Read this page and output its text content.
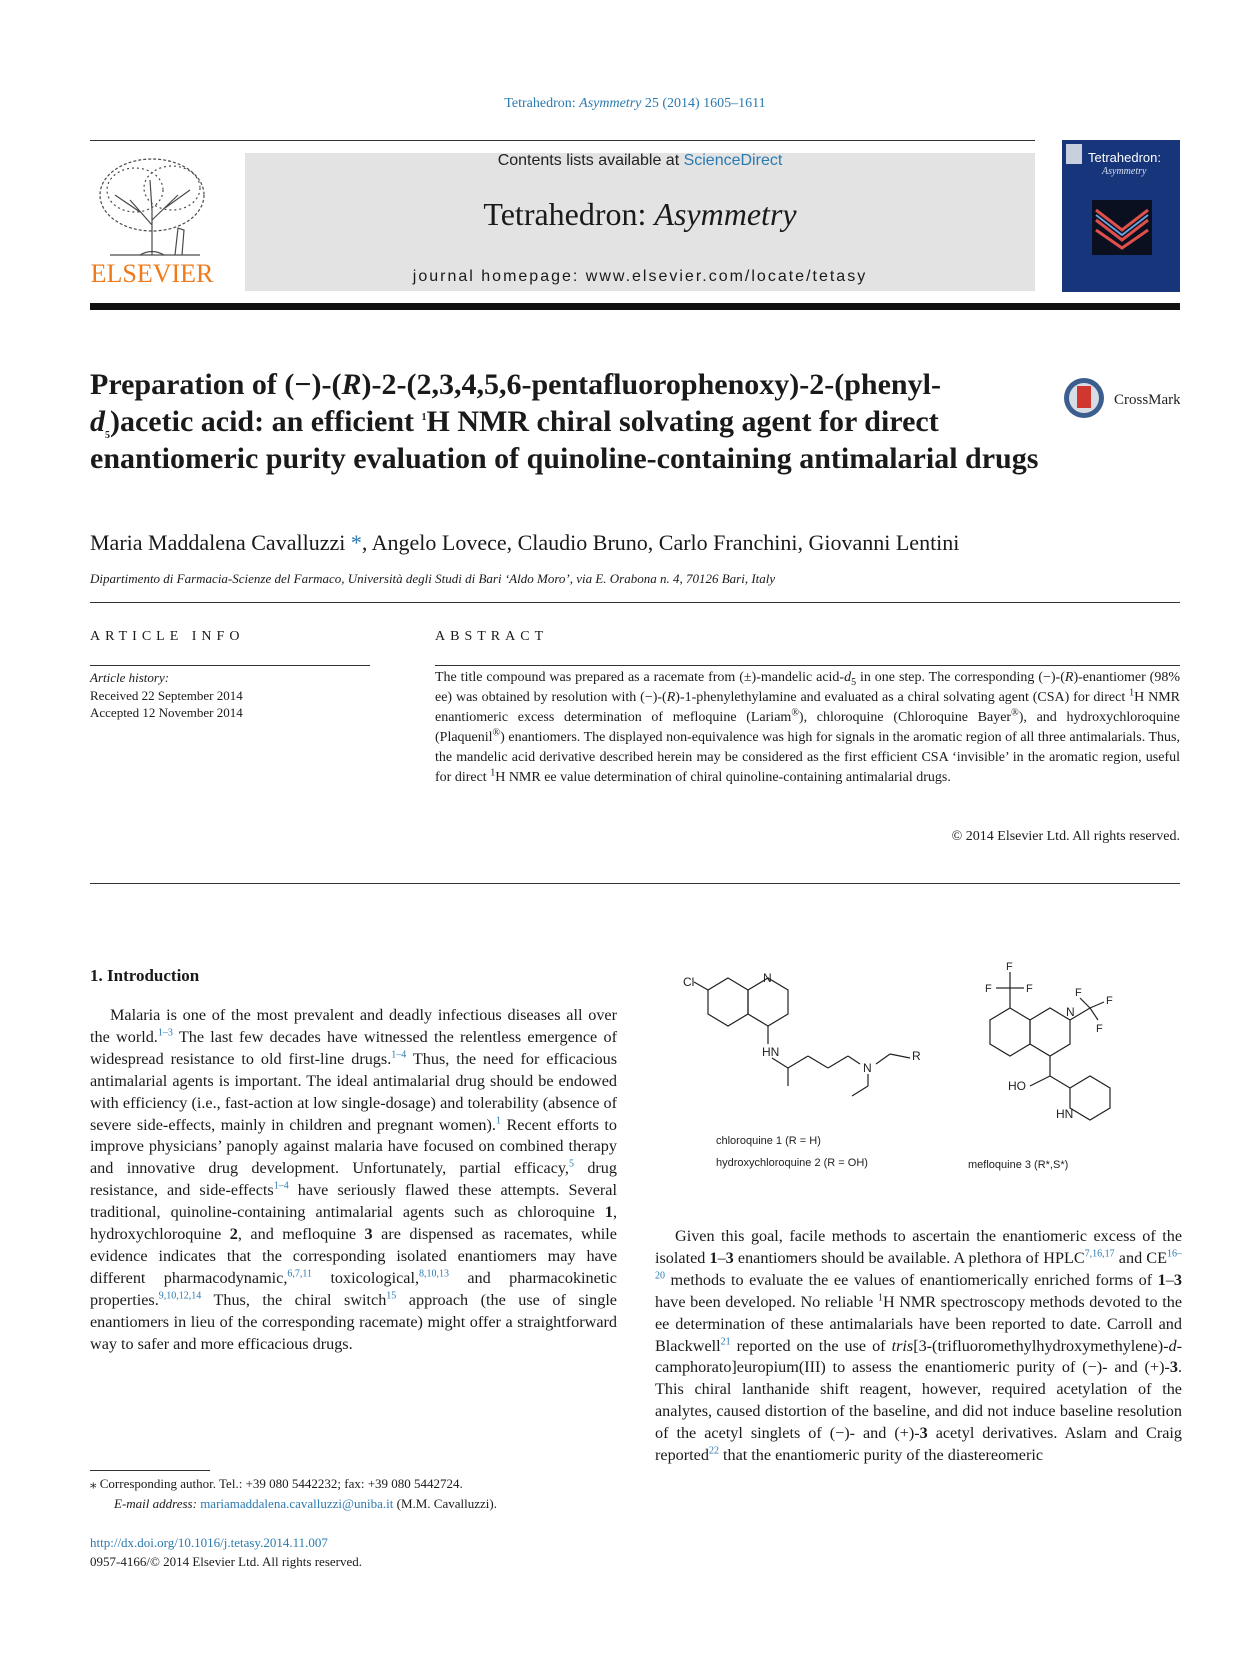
Tetrahedron: Asymmetry 25 (2014) 1605–1611
ELSEVIER
Contents lists available at ScienceDirect
Tetrahedron: Asymmetry
journal homepage: www.elsevier.com/locate/tetasy
Tetrahedron:
Asymmetry
Preparation of $(-)-(R)-2-(2,3,4,5,6-pentafluorophenoxy)-2-(phenyl-d_5)acetic$ acid: an efficient $^1$H NMR chiral solvating agent for direct enantiomeric purity evaluation of quinoline-containing antimalarial drugs
CrossMark
Maria Maddalena Cavalluzzi *, Angelo Lovece, Claudio Bruno, Carlo Franchini, Giovanni Lentini
Dipartimento di Farmacia-Scienze del Farmaco, Università degli Studi di Bari ‘Aldo Moro’, via E. Orabona n. 4, 70126 Bari, Italy
ARTICLE INFO
Article history:
Received 22 September 2014
Accepted 12 November 2014
ABSTRACT
The title compound was prepared as a racemate from (±)-mandelic acid-$d_5$ in one step. The corresponding (−)-(R)-enantiomer (98% ee) was obtained by resolution with (−)-(R)-1-phenylethylamine and evaluated as a chiral solvating agent (CSA) for direct $^1$H NMR enantiomeric excess determination of mefloquine (Lariam®), chloroquine (Chloroquine Bayer®), and hydroxychloroquine (Plaquenil®) enantiomers. The displayed non-equivalence was high for signals in the aromatic region of all three antimalarials. Thus, the mandelic acid derivative described herein may be considered as the first efficient CSA ‘invisible’ in the aromatic region, useful for direct $^1$H NMR ee value determination of chiral quinoline-containing antimalarial drugs.
© 2014 Elsevier Ltd. All rights reserved.
1. Introduction

Malaria is one of the most prevalent and deadly infectious diseases all over the world.$^{1-3}$ The last few decades have witnessed the relentless emergence of widespread resistance to old first-line drugs.$^{1-4}$ Thus, the need for efficacious antimalarial agents is important. The ideal antimalarial drug should be endowed with efficiency (i.e., fast-action at low single-dosage) and tolerability (absence of severe side-effects, mainly in children and pregnant women).$^1$ Recent efforts to improve physicians’ panoply against malaria have focused on combined therapy and innovative drug development. Unfortunately, partial efficacy,$^5$ drug resistance, and side-effects$^{1-4}$ have seriously flawed these attempts. Several traditional, quinoline-containing antimalarial agents such as chloroquine 1, hydroxychloroquine 2, and mefloquine 3 are dispensed as racemates, while evidence indicates that the corresponding isolated enantiomers may have different pharmacodynamic,$^{6,7,11}$ toxicological,$^{8,10,13}$ and pharmacokinetic properties.$^{9,10,12,14}$ Thus, the chiral switch$^{15}$ approach (the use of single enantiomers in lieu of the corresponding racemate) might offer a straightforward way to safer and more efficacious drugs.

⁎ Corresponding author. Tel.: +39 080 5442232; fax: +39 080 5442724.
E-mail address: mariamaddalena.cavalluzzi@uniba.it (M.M. Cavalluzzi).
http://dx.doi.org/10.1016/j.tetasy.2014.11.007
0957-4166/© 2014 Elsevier Ltd. All rights reserved.
Cl	N
HN
N
R
chloroquine 1 (R = H)
hydroxychloroquine 2 (R = OH)
F
F	F	F
F
F
N
HO
HN
mefloquine 3 (R*,S*)

Given this goal, facile methods to ascertain the enantiomeric excess of the isolated 1–3 enantiomers should be available. A plethora of HPLC$^{7,16,17}$ and CE$^{16-20}$ methods to evaluate the ee values of enantiomerically enriched forms of 1–3 have been developed. No reliable $^1$H NMR spectroscopy methods devoted to the ee determination of these antimalarials have been reported to date. Carroll and Blackwell$^{21}$ reported on the use of tris[3-(trifluoromethylhydroxymethylene)-d-camphorato]europium(III) to assess the enantiomeric purity of (−)- and (+)-3. This chiral lanthanide shift reagent, however, required acetylation of the analytes, caused distortion of the baseline, and did not induce baseline resolution of the acetyl singlets of (−)- and (+)-3 acetyl derivatives. Aslam and Craig reported$^{22}$ that the enantiomeric purity of the diastereomeric
